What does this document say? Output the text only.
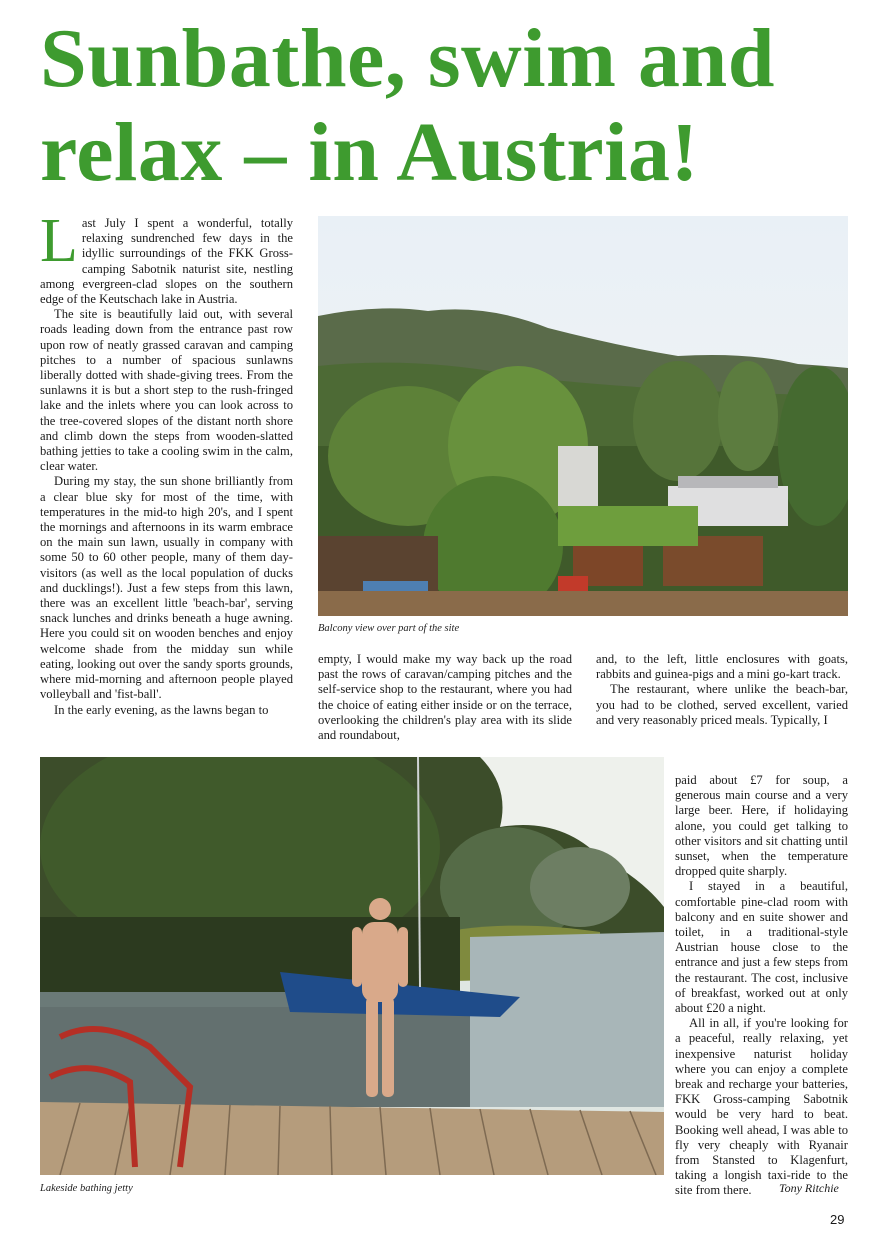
Sunbathe, swim and
relax – in Austria!

Last July I spent a wonderful, totally relaxing sundrenched few days in the idyllic surroundings of the FKK Gross-camping Sabotnik naturist site, nestling among evergreen-clad slopes on the southern edge of the Keutschach lake in Austria.

The site is beautifully laid out, with several roads leading down from the entrance past row upon row of neatly grassed caravan and camping pitches to a number of spacious sunlawns liberally dotted with shade-giving trees. From the sunlawns it is but a short step to the rush-fringed lake and the inlets where you can look across to the tree-covered slopes of the distant north shore and climb down the steps from wooden-slatted bathing jetties to take a cooling swim in the calm, clear water.

During my stay, the sun shone brilliantly from a clear blue sky for most of the time, with temperatures in the mid-to high 20's, and I spent the mornings and afternoons in its warm embrace on the main sun lawn, usually in company with some 50 to 60 other people, many of them day-visitors (as well as the local population of ducks and ducklings!). Just a few steps from this lawn, there was an excellent little 'beach-bar', serving snack lunches and drinks beneath a huge awning. Here you could sit on wooden benches and enjoy welcome shade from the midday sun while eating, looking out over the sandy sports grounds, where mid-morning and afternoon people played volleyball and 'fist-ball'.

In the early evening, as the lawns began to

Balcony view over part of the site

empty, I would make my way back up the road past the rows of caravan/camping pitches and the self-service shop to the restaurant, where you had the choice of eating either inside or on the terrace, overlooking the children's play area with its slide and roundabout,

and, to the left, little enclosures with goats, rabbits and guinea-pigs and a mini go-kart track.

The restaurant, where unlike the beach-bar, you had to be clothed, served excellent, varied and very reasonably priced meals. Typically, I

paid about £7 for soup, a generous main course and a very large beer. Here, if holidaying alone, you could get talking to other visitors and sit chatting until sunset, when the temperature dropped quite sharply.

I stayed in a beautiful, comfortable pine-clad room with balcony and en suite shower and toilet, in a traditional-style Austrian house close to the entrance and just a few steps from the restaurant. The cost, inclusive of breakfast, worked out at only about £20 a night.

All in all, if you're looking for a peaceful, really relaxing, yet inexpensive naturist holiday where you can enjoy a complete break and recharge your batteries, FKK Gross-camping Sabotnik would be very hard to beat. Booking well ahead, I was able to fly very cheaply with Ryanair from Stansted to Klagenfurt, taking a longish taxi-ride to the site from there.

Lakeside bathing jetty	Tony Ritchie
29
